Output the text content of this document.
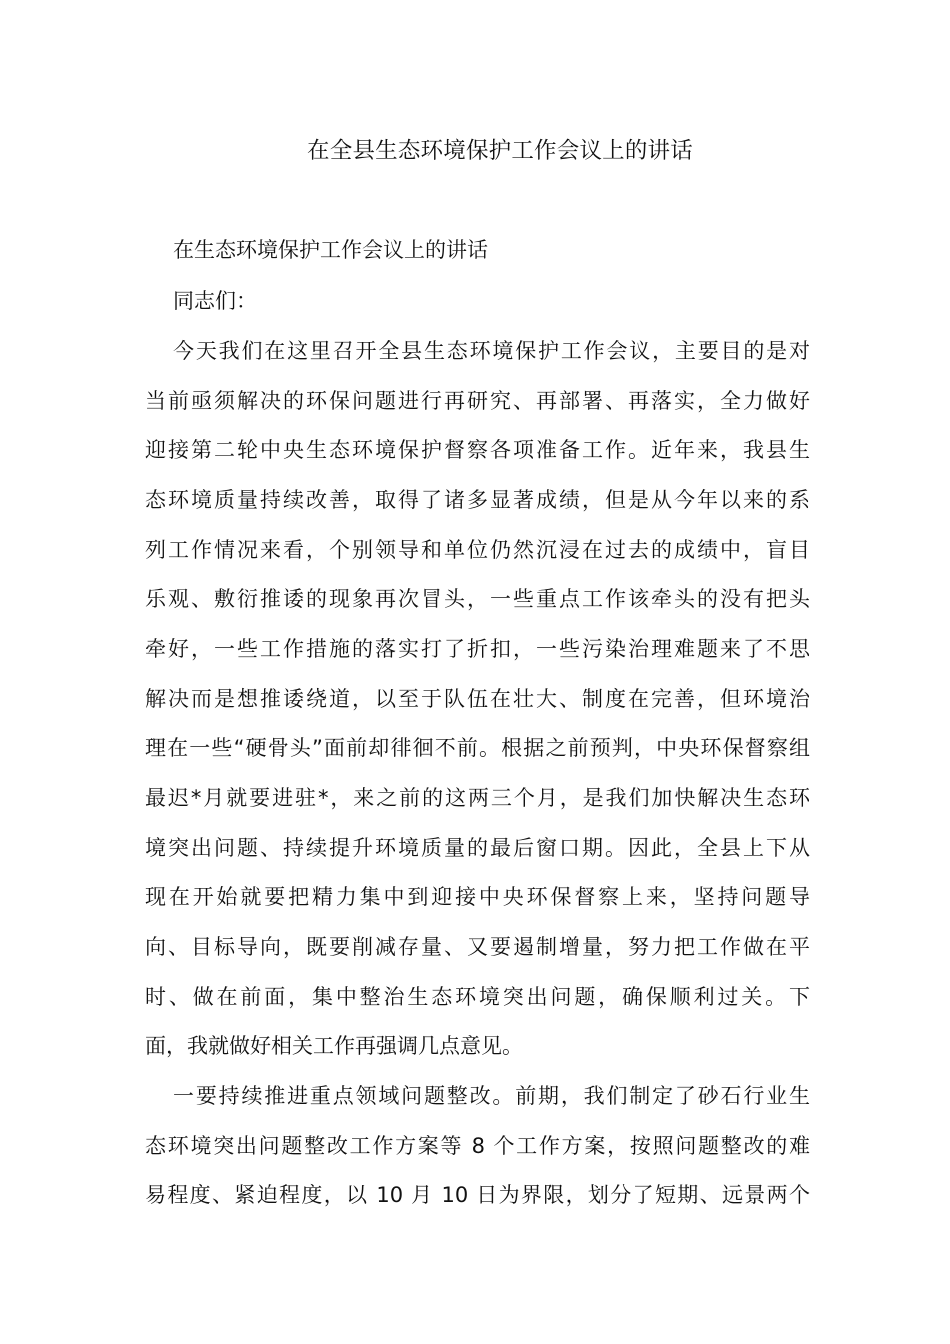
在全县生态环境保护工作会议上的讲话

在生态环境保护工作会议上的讲话

同志们：

今天我们在这里召开全县生态环境保护工作会议，主要目的是对

当前亟须解决的环保问题进行再研究、再部署、再落实，全力做好

迎接第二轮中央生态环境保护督察各项准备工作。近年来，我县生

态环境质量持续改善，取得了诸多显著成绩，但是从今年以来的系

列工作情况来看，个别领导和单位仍然沉浸在过去的成绩中，盲目

乐观、敷衍推诿的现象再次冒头，一些重点工作该牵头的没有把头

牵好，一些工作措施的落实打了折扣，一些污染治理难题来了不思

解决而是想推诿绕道，以至于队伍在壮大、制度在完善，但环境治

理在一些“硬骨头”面前却徘徊不前。根据之前预判，中央环保督察组

最迟*月就要进驻*，来之前的这两三个月，是我们加快解决生态环

境突出问题、持续提升环境质量的最后窗口期。因此，全县上下从

现在开始就要把精力集中到迎接中央环保督察上来，坚持问题导

向、目标导向，既要削减存量、又要遏制增量，努力把工作做在平

时、做在前面，集中整治生态环境突出问题，确保顺利过关。下

面，我就做好相关工作再强调几点意见。

一要持续推进重点领域问题整改。前期，我们制定了砂石行业生

态环境突出问题整改工作方案等 8 个工作方案，按照问题整改的难

易程度、紧迫程度，以 10 月 10 日为界限，划分了短期、远景两个
